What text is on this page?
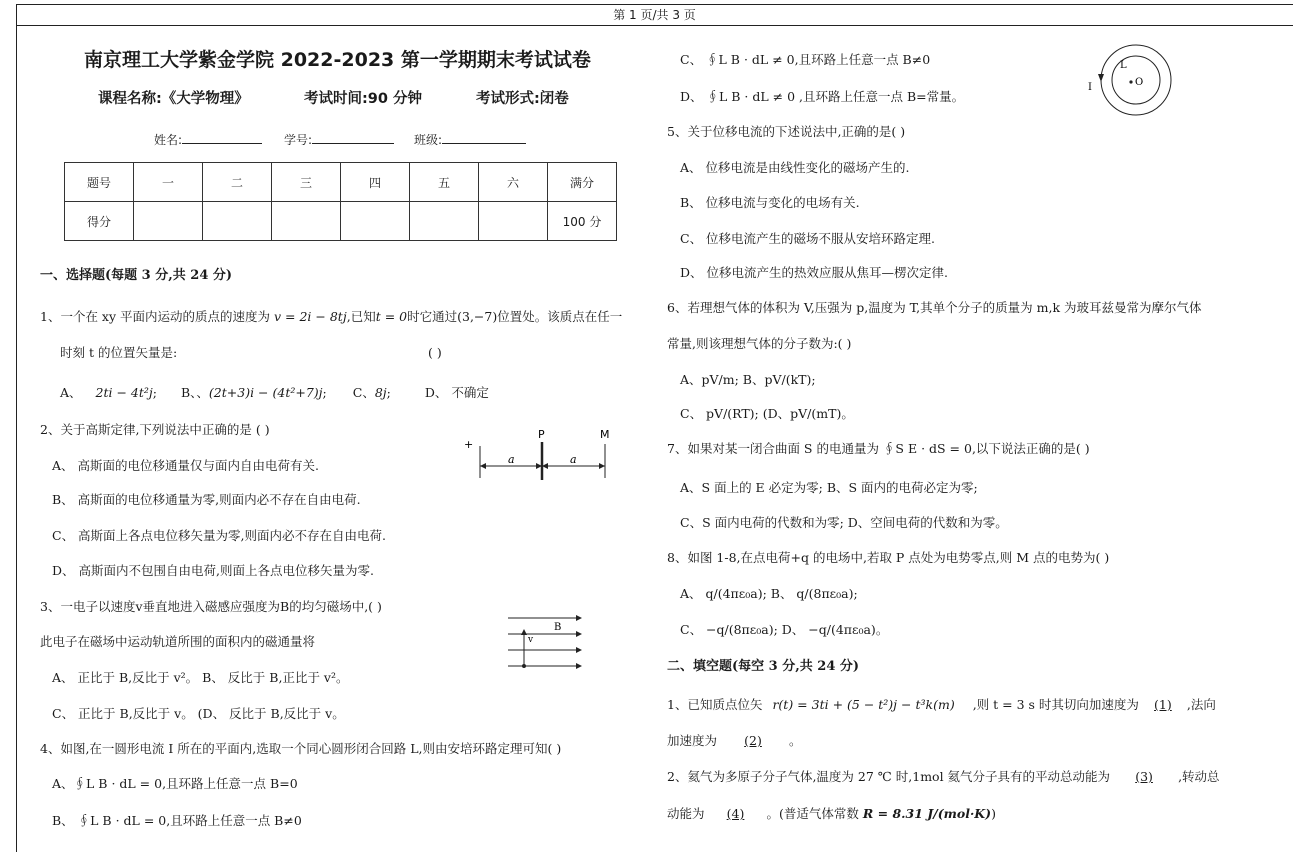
第 1 页/共 3 页
南京理工大学紫金学院 2022-2023 第一学期期末考试试卷
课程名称:《大学物理》	考试时间:90 分钟	考试形式:闭卷
姓名:	学号:	班级:
题号	一	二	三	四	五	六	满分
得分							100 分
一、选择题(每题 3 分,共 24 分)
1、一个在 xy 平面内运动的质点的速度为 v = 2i − 8tj,已知t = 0时它通过(3,−7)位置处。该质点在任一
时刻 t 的位置矢量是:	( )
A、 2ti − 4t²j; B、、(2t+3)i − (4t²+7)j; C、8j;	D、 不确定
2、关于高斯定律,下列说法中正确的是 ( )
A、 高斯面的电位移通量仅与面内自由电荷有关.
B、 高斯面的电位移通量为零,则面内必不存在自由电荷.
C、 高斯面上各点电位移矢量为零,则面内必不存在自由电荷.
D、 高斯面内不包围自由电荷,则面上各点电位移矢量为零.
+
P	M
a	a
3、一电子以速度v垂直地进入磁感应强度为B的均匀磁场中,( )
此电子在磁场中运动轨道所围的面积内的磁通量将
A、 正比于 B,反比于 v²。 B、 反比于 B,正比于 v²。
C、 正比于 B,反比于 v。 (D、 反比于 B,反比于 v。
B
v
4、如图,在一圆形电流 I 所在的平面内,选取一个同心圆形闭合回路 L,则由安培环路定理可知( )
A、∮L B · dL = 0,且环路上任意一点 B=0
B、 ∮L B · dL = 0,且环路上任意一点 B≠0
C、 ∮L B · dL ≠ 0,且环路上任意一点 B≠0
D、 ∮L B · dL ≠ 0 ,且环路上任意一点 B=常量。
L
O
I
5、关于位移电流的下述说法中,正确的是( )
A、 位移电流是由线性变化的磁场产生的.
B、 位移电流与变化的电场有关.
C、 位移电流产生的磁场不服从安培环路定理.
D、 位移电流产生的热效应服从焦耳—楞次定律.
6、若理想气体的体积为 V,压强为 p,温度为 T,其单个分子的质量为 m,k 为玻耳兹曼常为摩尔气体
常量,则该理想气体的分子数为:( )
A、pV/m; B、pV/(kT);
C、 pV/(RT); (D、pV/(mT)。
7、如果对某一闭合曲面 S 的电通量为 ∮S E · dS = 0,以下说法正确的是( )
A、S 面上的 E 必定为零; B、S 面内的电荷必定为零;
C、S 面内电荷的代数和为零; D、空间电荷的代数和为零。
8、如图 1-8,在点电荷+q 的电场中,若取 P 点处为电势零点,则 M 点的电势为( )
A、 q/(4πε₀a); B、 q/(8πε₀a);
C、 −q/(8πε₀a); D、 −q/(4πε₀a)。
二、填空题(每空 3 分,共 24 分)
1、已知质点位矢 r(t) = 3ti + (5 − t²)j − t³k(m) ,则 t = 3 s 时其切向加速度为 (1) ,法向
加速度为 (2) 。
2、氦气为多原子分子气体,温度为 27 ℃ 时,1mol 氦气分子具有的平动总动能为 (3) ,转动总
动能为 (4) 。(普适气体常数 R = 8.31 J/(mol·K))
